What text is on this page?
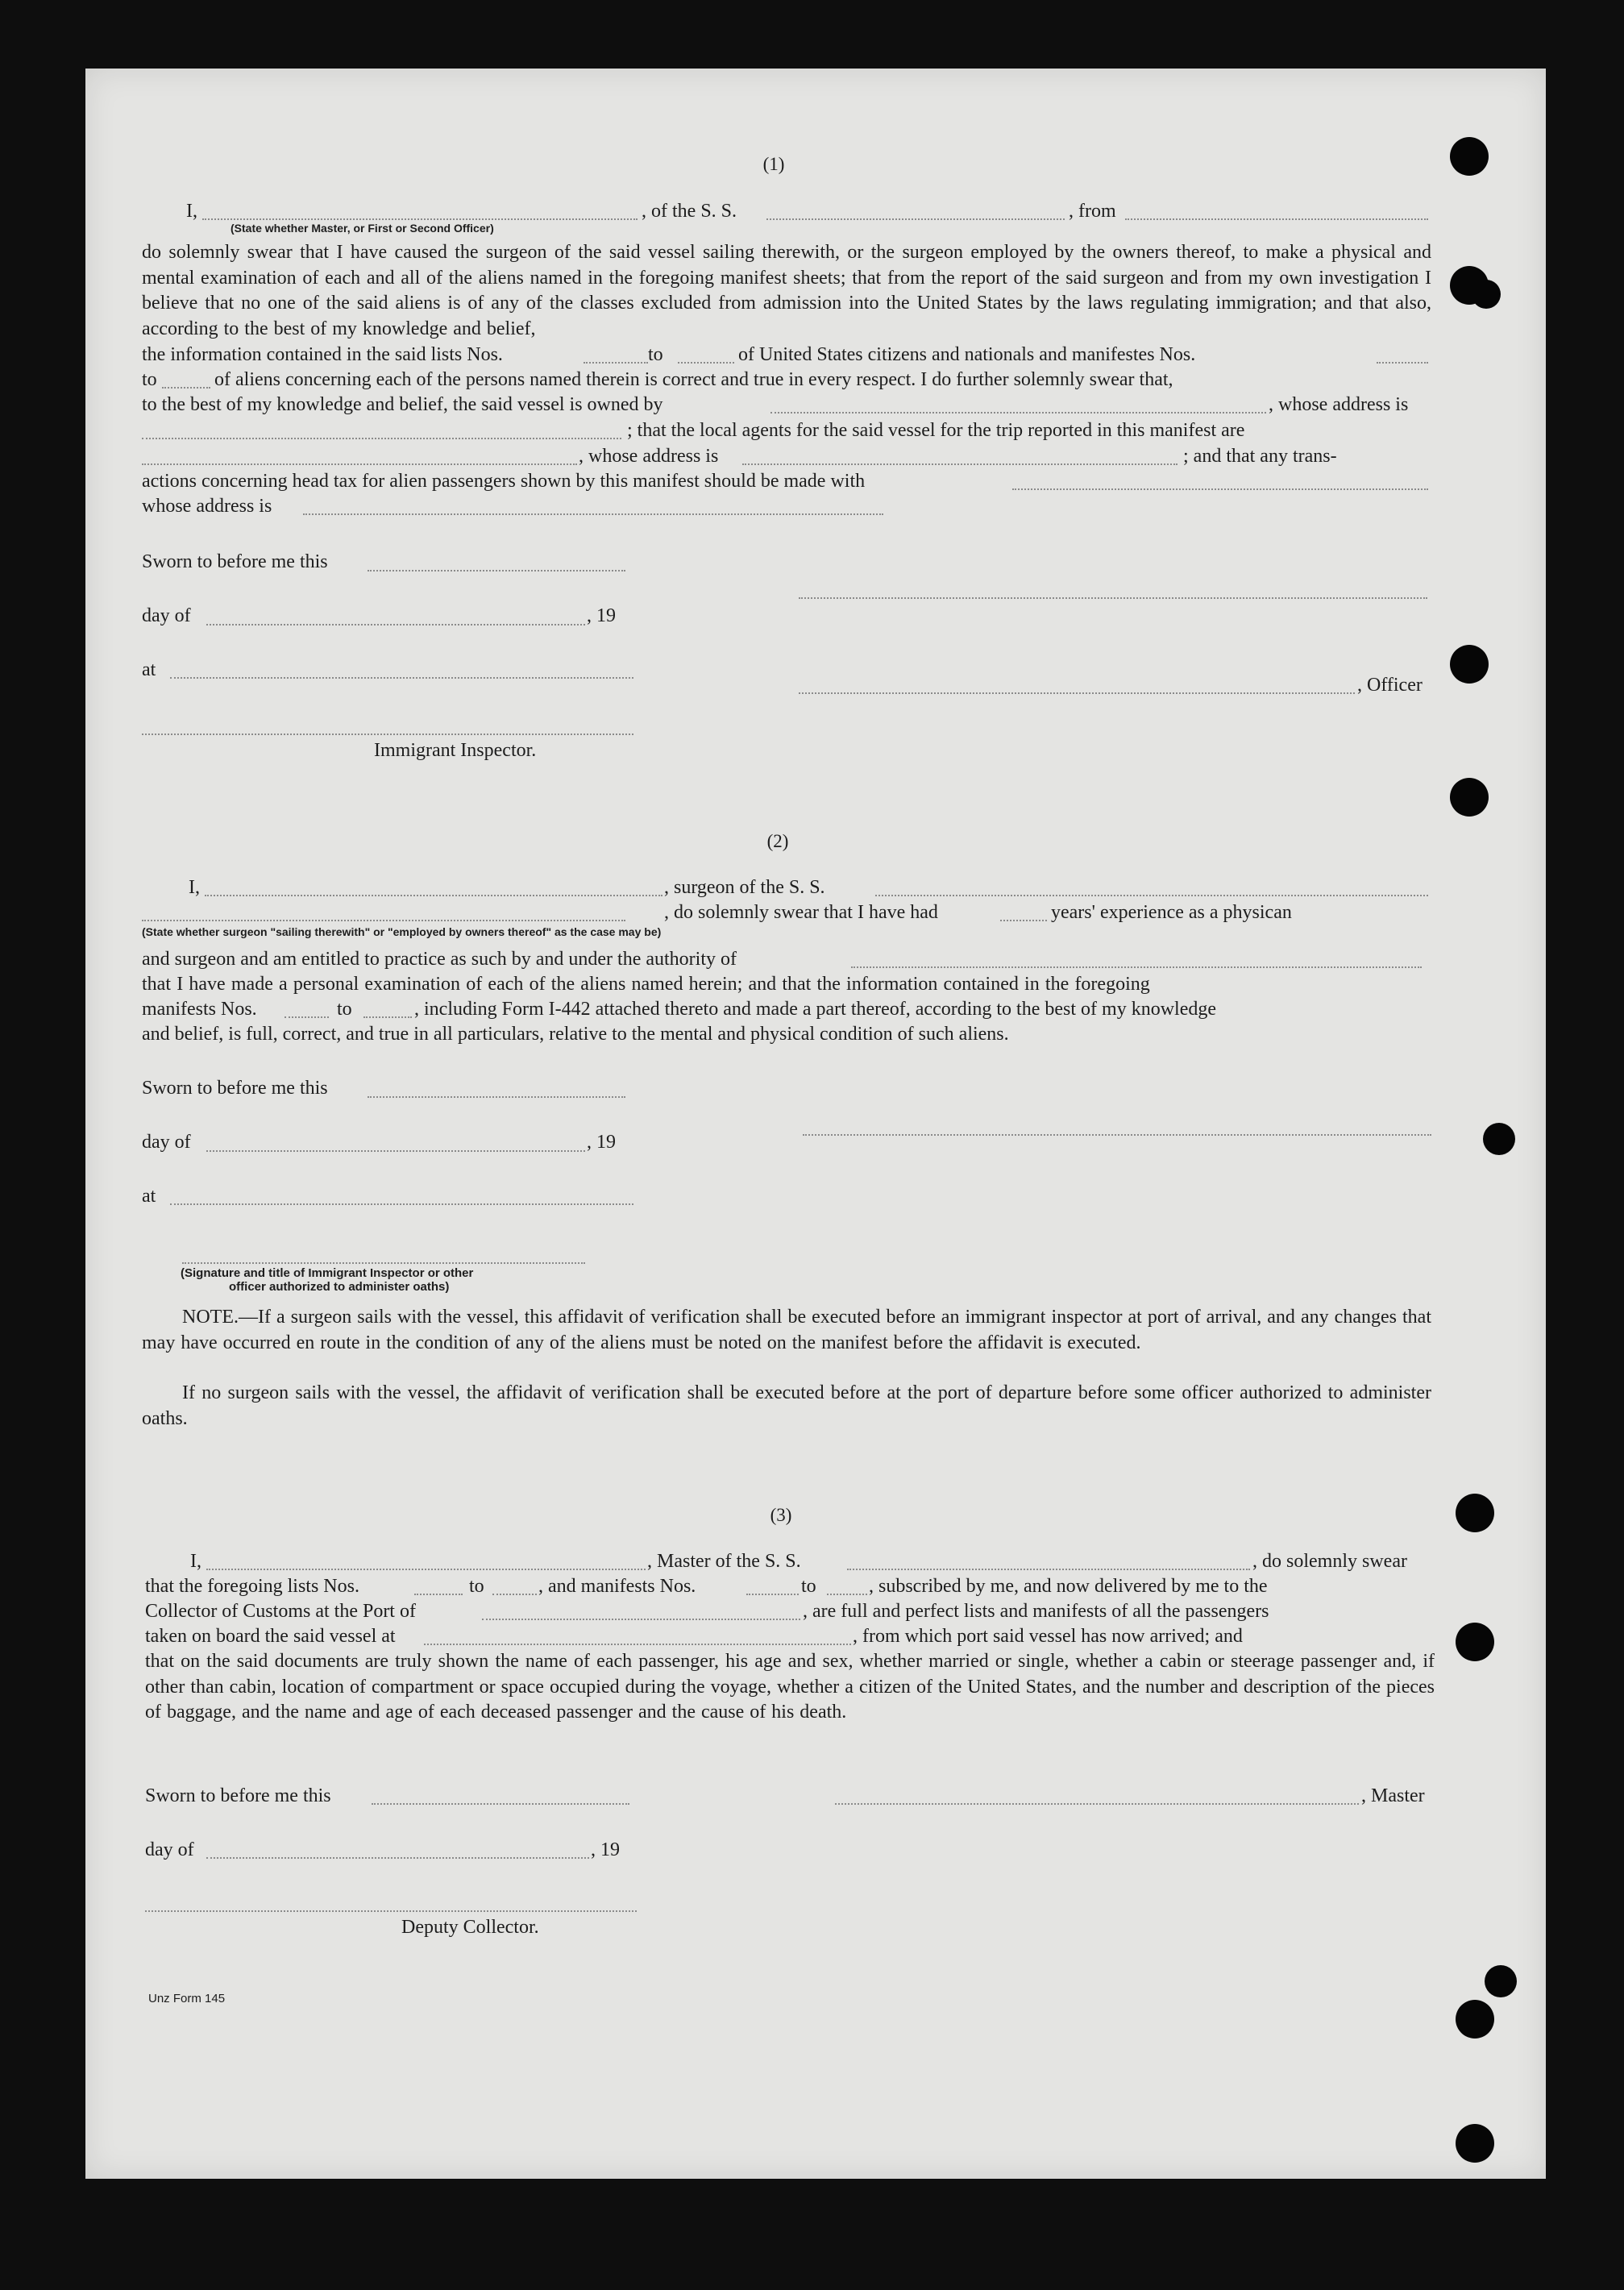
(1)
I,	, of the S. S.	, from
(State whether Master, or First or Second Officer)
do solemnly swear that I have caused the surgeon of the said vessel sailing therewith, or the surgeon employed by the owners thereof, to make a physical and mental examination of each and all of the aliens named in the foregoing manifest sheets; that from the report of the said surgeon and from my own investigation I believe that no one of the said aliens is of any of the classes excluded from admission into the United States by the laws regulating immigration; and that also, according to the best of my knowledge and belief,
the information contained in the said lists Nos.	to	of United States citizens and nationals and manifestes Nos.
to	of aliens concerning each of the persons named therein is correct and true in every respect. I do further solemnly swear that,
to the best of my knowledge and belief, the said vessel is owned by	, whose address is
; that the local agents for the said vessel for the trip reported in this manifest are
, whose address is	; and that any trans-
actions concerning head tax for alien passengers shown by this manifest should be made with
whose address is
Sworn to before me this
day of	, 19
at
, Officer
Immigrant Inspector.
(2)
I,	, surgeon of the S. S.
, do solemnly swear that I have had	years' experience as a physican
(State whether surgeon "sailing therewith" or "employed by owners thereof" as the case may be)
and surgeon and am entitled to practice as such by and under the authority of
that I have made a personal examination of each of the aliens named herein; and that the information contained in the foregoing
manifests Nos.	to	, including Form I-442 attached thereto and made a part thereof, according to the best of my knowledge
and belief, is full, correct, and true in all particulars, relative to the mental and physical condition of such aliens.
Sworn to before me this
day of	, 19
at
(Signature and title of Immigrant Inspector or other
officer authorized to administer oaths)
NOTE.—If a surgeon sails with the vessel, this affidavit of verification shall be executed before an immigrant inspector at port of arrival, and any changes that may have occurred en route in the condition of any of the aliens must be noted on the manifest before the affidavit is executed.
If no surgeon sails with the vessel, the affidavit of verification shall be executed before at the port of departure before some officer authorized to administer oaths.
(3)
I,	, Master of the S. S.	, do solemnly swear
that the foregoing lists Nos.	to	, and manifests Nos.	to	, subscribed by me, and now delivered by me to the
Collector of Customs at the Port of	, are full and perfect lists and manifests of all the passengers
taken on board the said vessel at	, from which port said vessel has now arrived; and
that on the said documents are truly shown the name of each passenger, his age and sex, whether married or single, whether a cabin or steerage passenger and, if other than cabin, location of compartment or space occupied during the voyage, whether a citizen of the United States, and the number and description of the pieces of baggage, and the name and age of each deceased passenger and the cause of his death.
Sworn to before me this	, Master
day of	, 19
Deputy Collector.
Unz Form 145
